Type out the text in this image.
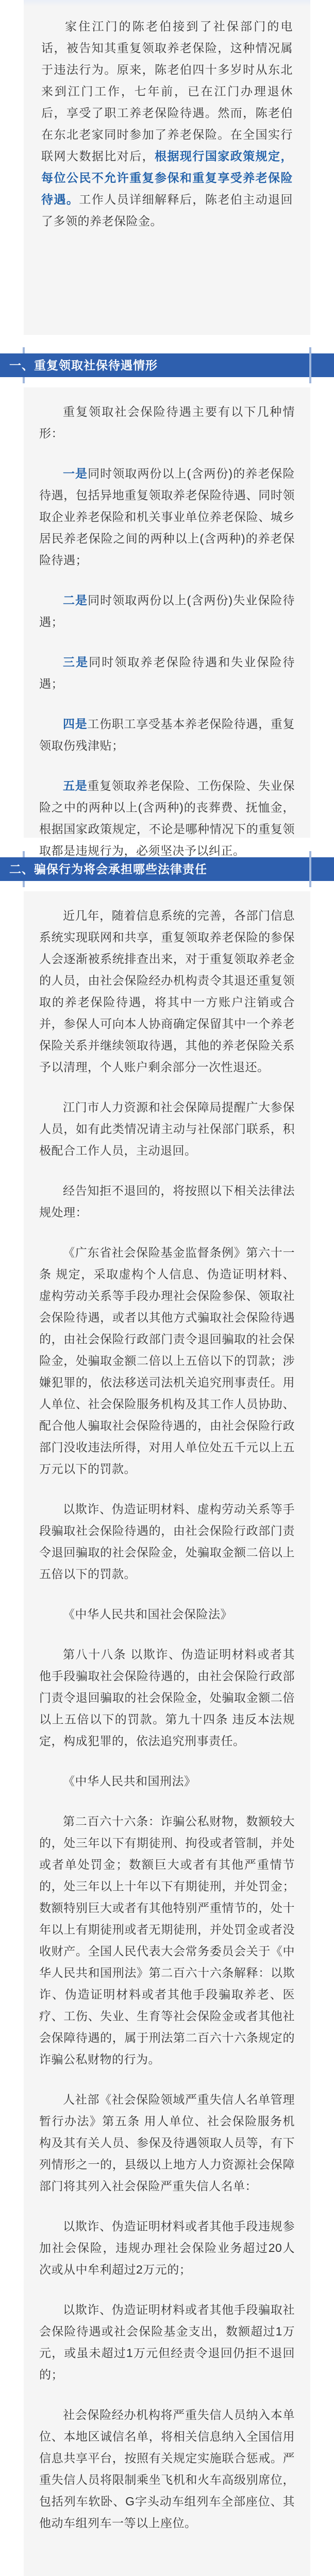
家住江门的陈老伯接到了社保部门的电话，被告知其重复领取养老保险，这种情况属于违法行为。原来，陈老伯四十多岁时从东北来到江门工作，七年前，已在江门办理退休后，享受了职工养老保险待遇。然而，陈老伯在东北老家同时参加了养老保险。在全国实行联网大数据比对后，根据现行国家政策规定，每位公民不允许重复参保和重复享受养老保险待遇。工作人员详细解释后，陈老伯主动退回了多领的养老保险金。

一、重复领取社保待遇情形

重复领取社会保险待遇主要有以下几种情形：

一是同时领取两份以上(含两份)的养老保险待遇，包括异地重复领取养老保险待遇、同时领取企业养老保险和机关事业单位养老保险、城乡居民养老保险之间的两种以上(含两种)的养老保险待遇；

二是同时领取两份以上(含两份)失业保险待遇；

三是同时领取养老保险待遇和失业保险待遇；

四是工伤职工享受基本养老保险待遇，重复领取伤残津贴；

五是重复领取养老保险、工伤保险、失业保险之中的两种以上(含两种)的丧葬费、抚恤金，根据国家政策规定，不论是哪种情况下的重复领取都是违规行为，必须坚决予以纠正。

二、骗保行为将会承担哪些法律责任

近几年，随着信息系统的完善，各部门信息系统实现联网和共享，重复领取养老保险的参保人会逐渐被系统排查出来，对于重复领取养老金的人员，由社会保险经办机构责令其退还重复领取的养老保险待遇，将其中一方账户注销或合并，参保人可向本人协商确定保留其中一个养老保险关系并继续领取待遇，其他的养老保险关系予以清理，个人账户剩余部分一次性退还。

江门市人力资源和社会保障局提醒广大参保人员，如有此类情况请主动与社保部门联系，积极配合工作人员，主动退回。

经告知拒不退回的，将按照以下相关法律法规处理：

《广东省社会保险基金监督条例》第六十一条 规定，采取虚构个人信息、伪造证明材料、虚构劳动关系等手段办理社会保险参保、领取社会保险待遇，或者以其他方式骗取社会保险待遇的，由社会保险行政部门责令退回骗取的社会保险金，处骗取金额二倍以上五倍以下的罚款；涉嫌犯罪的，依法移送司法机关追究刑事责任。用人单位、社会保险服务机构及其工作人员协助、配合他人骗取社会保险待遇的，由社会保险行政部门没收违法所得，对用人单位处五千元以上五万元以下的罚款。

以欺诈、伪造证明材料、虚构劳动关系等手段骗取社会保险待遇的，由社会保险行政部门责令退回骗取的社会保险金，处骗取金额二倍以上五倍以下的罚款。

《中华人民共和国社会保险法》

第八十八条 以欺诈、伪造证明材料或者其他手段骗取社会保险待遇的，由社会保险行政部门责令退回骗取的社会保险金，处骗取金额二倍以上五倍以下的罚款。第九十四条 违反本法规定，构成犯罪的，依法追究刑事责任。

《中华人民共和国刑法》

第二百六十六条：诈骗公私财物，数额较大的，处三年以下有期徒刑、拘役或者管制，并处或者单处罚金；数额巨大或者有其他严重情节的，处三年以上十年以下有期徒刑，并处罚金；数额特别巨大或者有其他特别严重情节的，处十年以上有期徒刑或者无期徒刑，并处罚金或者没收财产。全国人民代表大会常务委员会关于《中华人民共和国刑法》第二百六十六条解释：以欺诈、伪造证明材料或者其他手段骗取养老、医疗、工伤、失业、生育等社会保险金或者其他社会保障待遇的，属于刑法第二百六十六条规定的诈骗公私财物的行为。

人社部《社会保险领域严重失信人名单管理暂行办法》第五条 用人单位、社会保险服务机构及其有关人员、参保及待遇领取人员等，有下列情形之一的，县级以上地方人力资源社会保障部门将其列入社会保险严重失信人名单：

以欺诈、伪造证明材料或者其他手段违规参加社会保险，违规办理社会保险业务超过20人次或从中牟利超过2万元的；

以欺诈、伪造证明材料或者其他手段骗取社会保险待遇或社会保险基金支出，数额超过1万元，或虽未超过1万元但经责令退回仍拒不退回的；

社会保险经办机构将严重失信人员纳入本单位、本地区诚信名单，将相关信息纳入全国信用信息共享平台，按照有关规定实施联合惩戒。严重失信人员将限制乘坐飞机和火车高级别席位，包括列车软卧、G字头动车组列车全部座位、其他动车组列车一等以上座位。
